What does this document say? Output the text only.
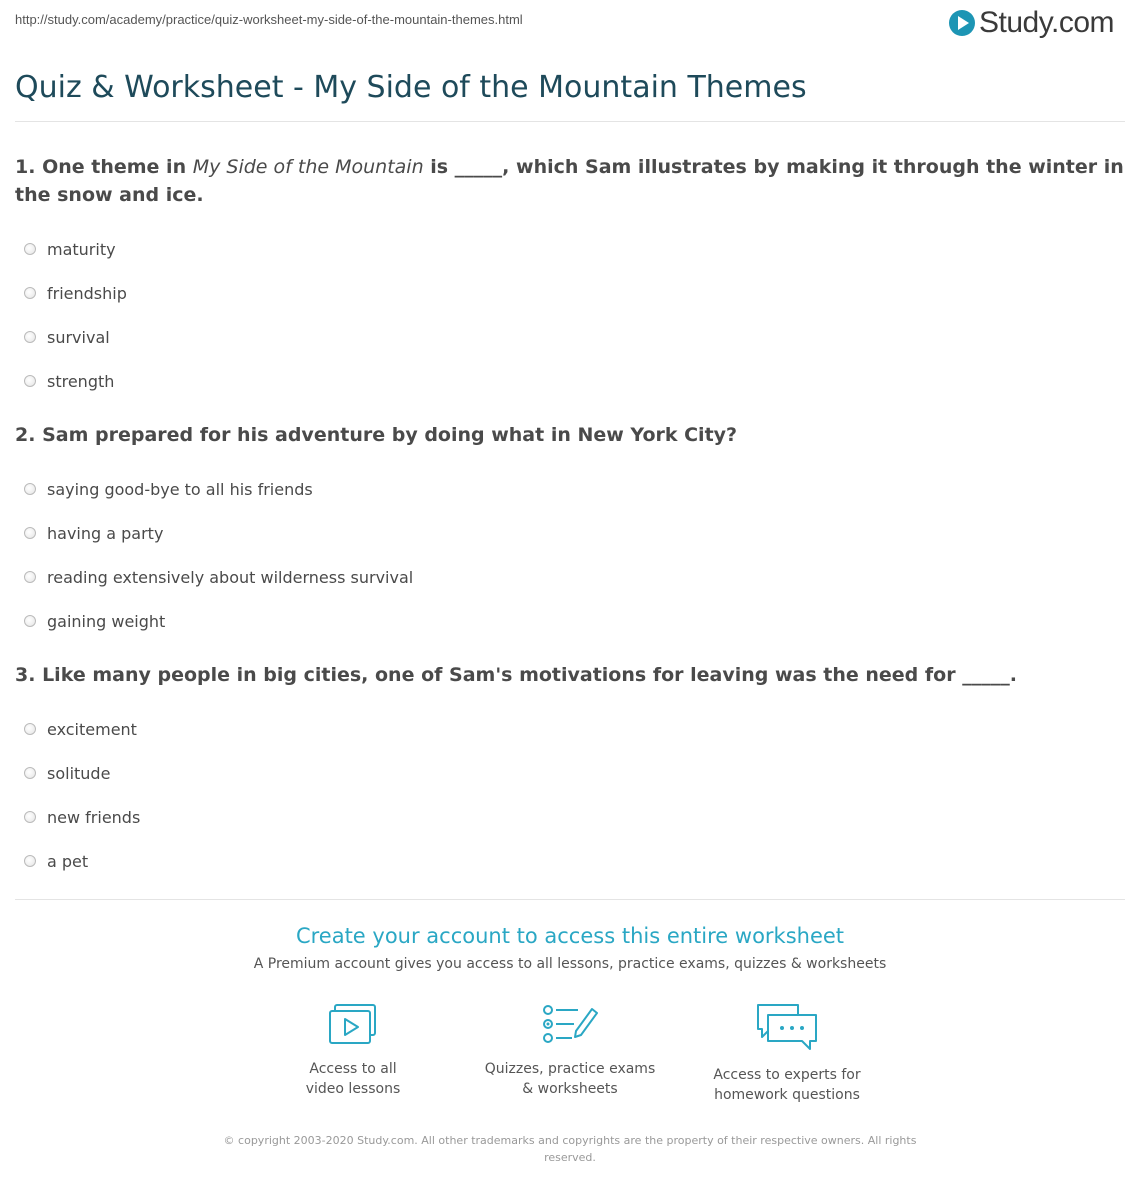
http://study.com/academy/practice/quiz-worksheet-my-side-of-the-mountain-themes.html	Study.com
Quiz & Worksheet - My Side of the Mountain Themes

1. One theme in My Side of the Mountain is _____, which Sam illustrates by making it through the winter in the snow and ice.

maturity
friendship
survival
strength

2. Sam prepared for his adventure by doing what in New York City?

saying good-bye to all his friends
having a party
reading extensively about wilderness survival
gaining weight

3. Like many people in big cities, one of Sam's motivations for leaving was the need for _____.

excitement
solitude
new friends
a pet
Create your account to access this entire worksheet
A Premium account gives you access to all lessons, practice exams, quizzes & worksheets
Access to all
video lessons
Quizzes, practice exams
& worksheets
Access to experts for
homework questions
© copyright 2003-2020 Study.com. All other trademarks and copyrights are the property of their respective owners. All rights reserved.
